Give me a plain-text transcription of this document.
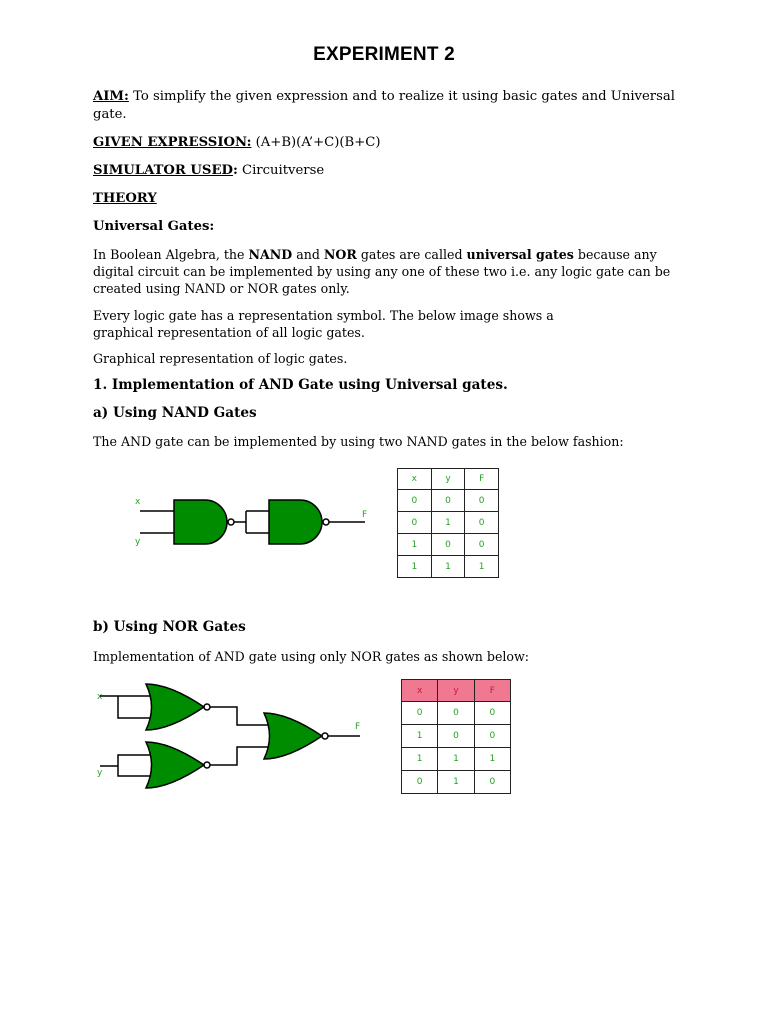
EXPERIMENT 2

AIM: To simplify the given expression and to realize it using basic gates and Universal gate.

GIVEN EXPRESSION: (A+B)(A’+C)(B+C)

SIMULATOR USED: Circuitverse

THEORY

Universal Gates:

In Boolean Algebra, the NAND and NOR gates are called universal gates because any digital circuit can be implemented by using any one of these two i.e. any logic gate can be created using NAND or NOR gates only.

Every logic gate has a representation symbol. The below image shows a graphical representation of all logic gates.

Graphical representation of logic gates.

1. Implementation of AND Gate using Universal gates.

a) Using NAND Gates

The AND gate can be implemented by using two NAND gates in the below fashion:

x
y
F
x	y	F
0	0	0
0	1	0
1	0	0
1	1	1

b) Using NOR Gates

Implementation of AND gate using only NOR gates as shown below:

x
y
F
x	y	F
0	0	0
1	0	0
1	1	1
0	1	0
